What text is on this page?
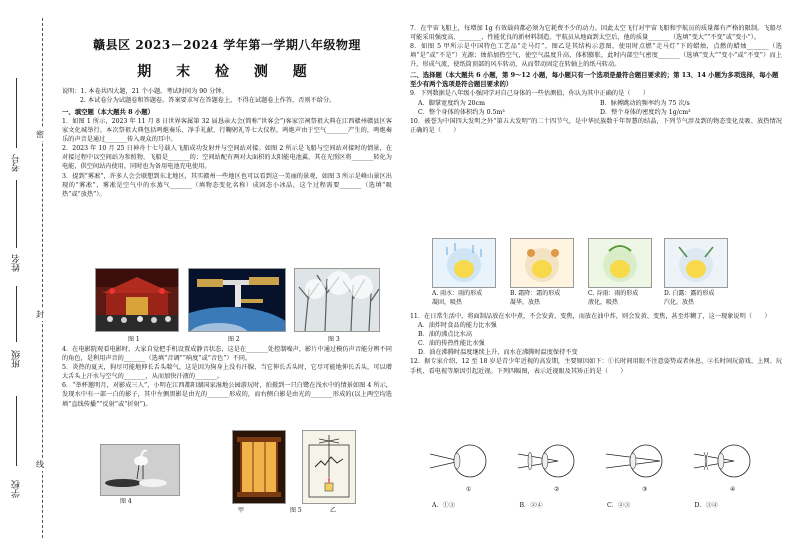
学校
班级
姓名
考号
密
封
线
赣县区 2023－2024 学年第一学期八年级物理
期 末 检 测 题
说明：1. 本卷共四大题，21 个小题。考试时间为 90 分钟。
2. 本试卷分为试题卷和答题卷。答案要求写在答题卷上，不得在试题卷上作答，否则不给分。
一、填空题（本大题共 8 小题）
1．如图 1 所示，2023 年 11 月 8 日世界客属第 32 届恳亲大会(简称“世客会”)客家宗祠祭祖大典在江西赣州赣县区客家文化城举行。本次祭祖大典包括鸣炮奏乐、净手礼献、行鞠躬礼等七大仪程，鸣炮声由于空气_______产生的，鸣炮奏乐的声音是通过_______传入观众的耳中。
2．2023 年 10 月 25 日神舟十七号载人飞船成功发射并与空间站对接。如图 2 所示是飞船与空间站对接时的情景，在对接过程中以空间站为参照物，飞船是_______的；空间站配有两对大面积的太阳能电池翼，其在光照区将_______转化为电能，供空间站内使用，同时也为备用电池充电使用。
3．提到“雾凇”，许多人会会联想到东北地区，其实赣州一些地区也可以看到这一美丽的景观，如图 3 所示是峰山景区出现的“雾凇”，雾凇是空气中的水蒸气_______（填物态变化名称）成固态小冰晶，这个过程需要_______（选填“吸热”或“放热”）。
图 1	图 2	图 3
4．在电影院观看电影时，大家自觉把手机设置成静音状态，这是在_______处控制噪声，影片中通过模仿声音能分辨不同的角色，是利用声音的_______（选填“音调”“响度”或“音色”）不同。
5．炎热的夏天，狗尽可能地伸长舌头喘气，这是因为狗身上没有汗腺，当它伸长舌头时，它尽可能地伸长舌头，可以增大舌头上汗水与空气的_______，从而加快汗液的_______。
6．“举杯邀明月，对影成三人”，小明在江西都阳湖国家湿地公园游玩时，拍摄到一只白鹭在浅水中的情景如图 4 所示，发现水中有一部一白的影子，其中左侧黑影是由光的_______形成的，而右侧白影是由光的_______形成的(以上两空均选填“直线传播”“反射”或“折射”)。
图 4
甲	图 5	乙
7．在宇宙飞船上，每增加 1g 有效载荷都必须为它耗费不少的动力。因此太空飞行对宇宙飞船和宇航员的质量都有严格的限制。飞船尽可能采用强度高、_______、性能优良的新材料制造。宇航员从地面到太空后，他的质量_______（选填“变大”“不变”或“变小”）。
8．如图 5 甲所示是中国特色工艺品“走马灯”，图乙是其结构示意图，使用时点燃“走马灯”下的蜡烛，点燃的蜡烛_______（选填“是”或“不是”）光源；烛焰加热空气，使空气温度升高，体积膨胀，此时内部空气密度_______（选填“变大”“变小”或“不变”）而上升，形成气流，使纸筒顶部的风车转动，从而带动固定在转轴上的纸马转动。
二、选择题（本大题共 6 小题，第 9～12 小题，每小题只有一个选项是最符合题目要求的；第 13、14 小题为多项选择，每小题至少有两个选项是符合题目要求的）
9．下列数据是八年级小强同学对自己身体的一些估测值，你认为其中正确的是（　　）
A．脚掌宽度约为 20cm	B．脉搏跳动的频率约为 75 次/s
C．整个身体的体积约为 0.5m³	D．整个身体的密度约为 1g/cm³
10．被誉为中国四大发明之外“第五大发明”的二十四节气，是中华民族数千年智慧的结晶，下列节气涉及到的物态变化及吸、放热情况正确的是（　　）
A. 雨水：雨的形成
凝固，吸热
B. 霜降：霜的形成
凝华，放热
C. 谷雨：雨的形成
液化，吸热
D. 白露：露的形成
汽化，放热
11．在日常生活中，将面制品放在水中煮，不会发黄、变焦，而放在油中炸，则会发黄、变焦，甚至炸糊了，这一现象说明（　　）
A．油炸时食品的能力比水强
B．油的沸点比水高
C．油的传热性能比水强
D．油在沸腾时温度继续上升，而水在沸腾时温度保持不变
12．据专家介绍，12 至 18 岁是青少年近视的高发期，主要原因如下：①长时间用眼不注意姿势或者休息，②长时间玩游戏、上网、玩手机、看电视等原因引起近视。下列四幅图，表示近视眼及其矫正的是（　　）
①	②	③	④
A．①③	B．②④	C．②③	D．③④
